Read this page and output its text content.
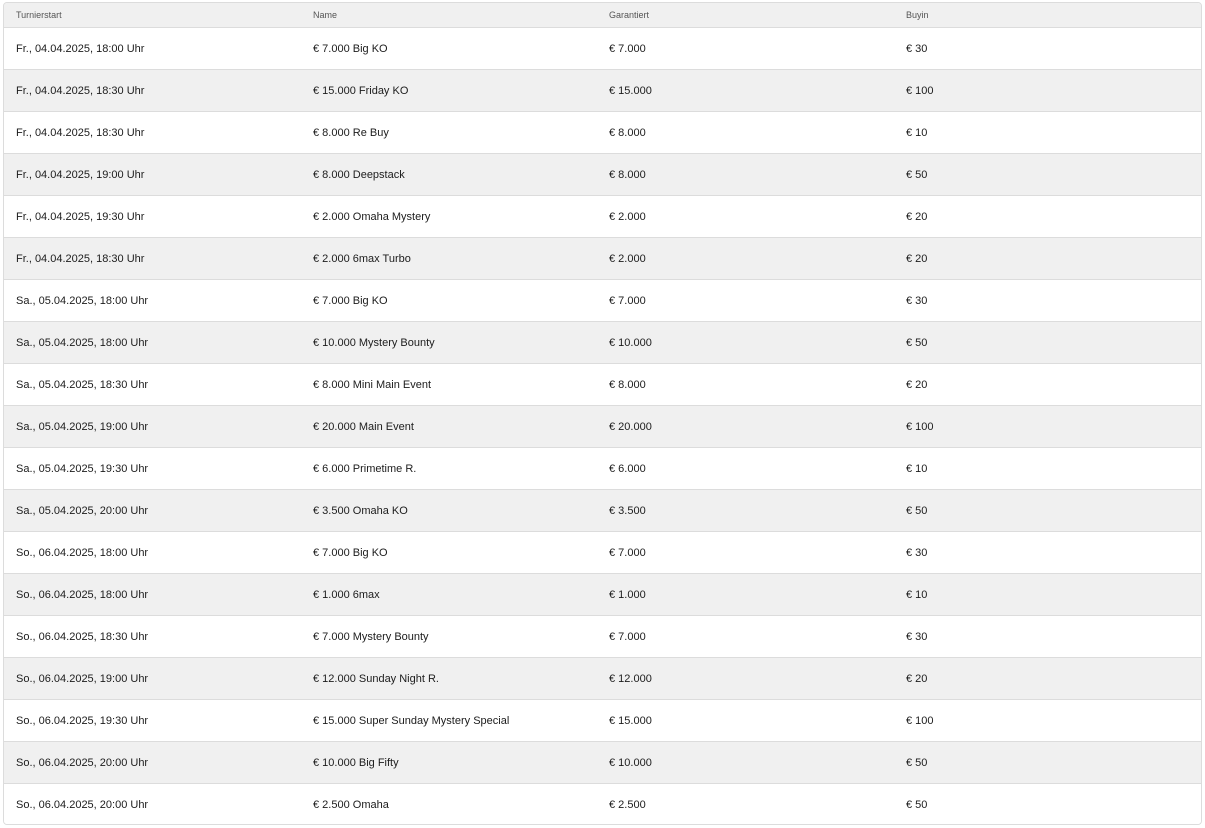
Turnierstart	Name	Garantiert	Buyin
Fr., 04.04.2025, 18:00 Uhr	€ 7.000 Big KO	€ 7.000	€ 30
Fr., 04.04.2025, 18:30 Uhr	€ 15.000 Friday KO	€ 15.000	€ 100
Fr., 04.04.2025, 18:30 Uhr	€ 8.000 Re Buy	€ 8.000	€ 10
Fr., 04.04.2025, 19:00 Uhr	€ 8.000 Deepstack	€ 8.000	€ 50
Fr., 04.04.2025, 19:30 Uhr	€ 2.000 Omaha Mystery	€ 2.000	€ 20
Fr., 04.04.2025, 18:30 Uhr	€ 2.000 6max Turbo	€ 2.000	€ 20
Sa., 05.04.2025, 18:00 Uhr	€ 7.000 Big KO	€ 7.000	€ 30
Sa., 05.04.2025, 18:00 Uhr	€ 10.000 Mystery Bounty	€ 10.000	€ 50
Sa., 05.04.2025, 18:30 Uhr	€ 8.000 Mini Main Event	€ 8.000	€ 20
Sa., 05.04.2025, 19:00 Uhr	€ 20.000 Main Event	€ 20.000	€ 100
Sa., 05.04.2025, 19:30 Uhr	€ 6.000 Primetime R.	€ 6.000	€ 10
Sa., 05.04.2025, 20:00 Uhr	€ 3.500 Omaha KO	€ 3.500	€ 50
So., 06.04.2025, 18:00 Uhr	€ 7.000 Big KO	€ 7.000	€ 30
So., 06.04.2025, 18:00 Uhr	€ 1.000 6max	€ 1.000	€ 10
So., 06.04.2025, 18:30 Uhr	€ 7.000 Mystery Bounty	€ 7.000	€ 30
So., 06.04.2025, 19:00 Uhr	€ 12.000 Sunday Night R.	€ 12.000	€ 20
So., 06.04.2025, 19:30 Uhr	€ 15.000 Super Sunday Mystery Special	€ 15.000	€ 100
So., 06.04.2025, 20:00 Uhr	€ 10.000 Big Fifty	€ 10.000	€ 50
So., 06.04.2025, 20:00 Uhr	€ 2.500 Omaha	€ 2.500	€ 50
